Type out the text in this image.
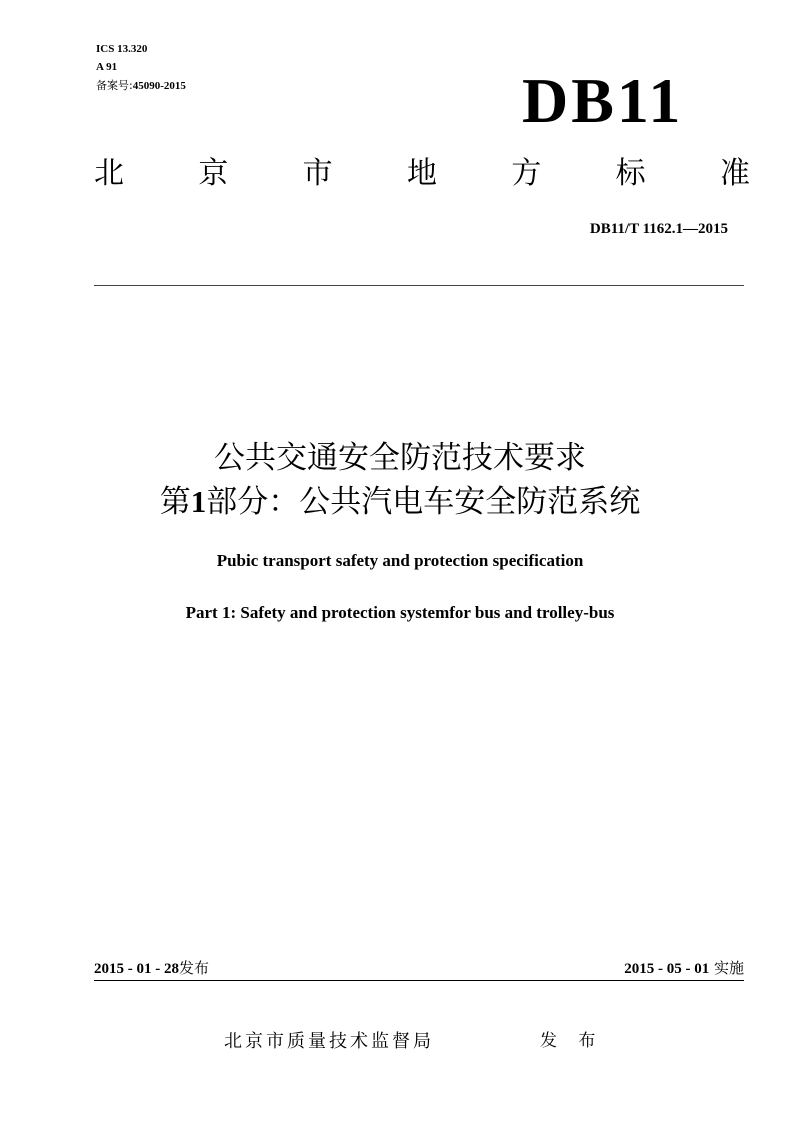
ICS 13.320
A 91
备案号:45090-2015	DB11
北 京 市 地 方 标 准
DB11/T 1162.1—2015
公共交通安全防范技术要求
第1部分：公共汽电车安全防范系统
Pubic transport safety and protection specification
Part 1: Safety and protection systemfor bus and trolley-bus
2015 - 01 - 28发布	2015 - 05 - 01 实施
北京市质量技术监督局	发 布
